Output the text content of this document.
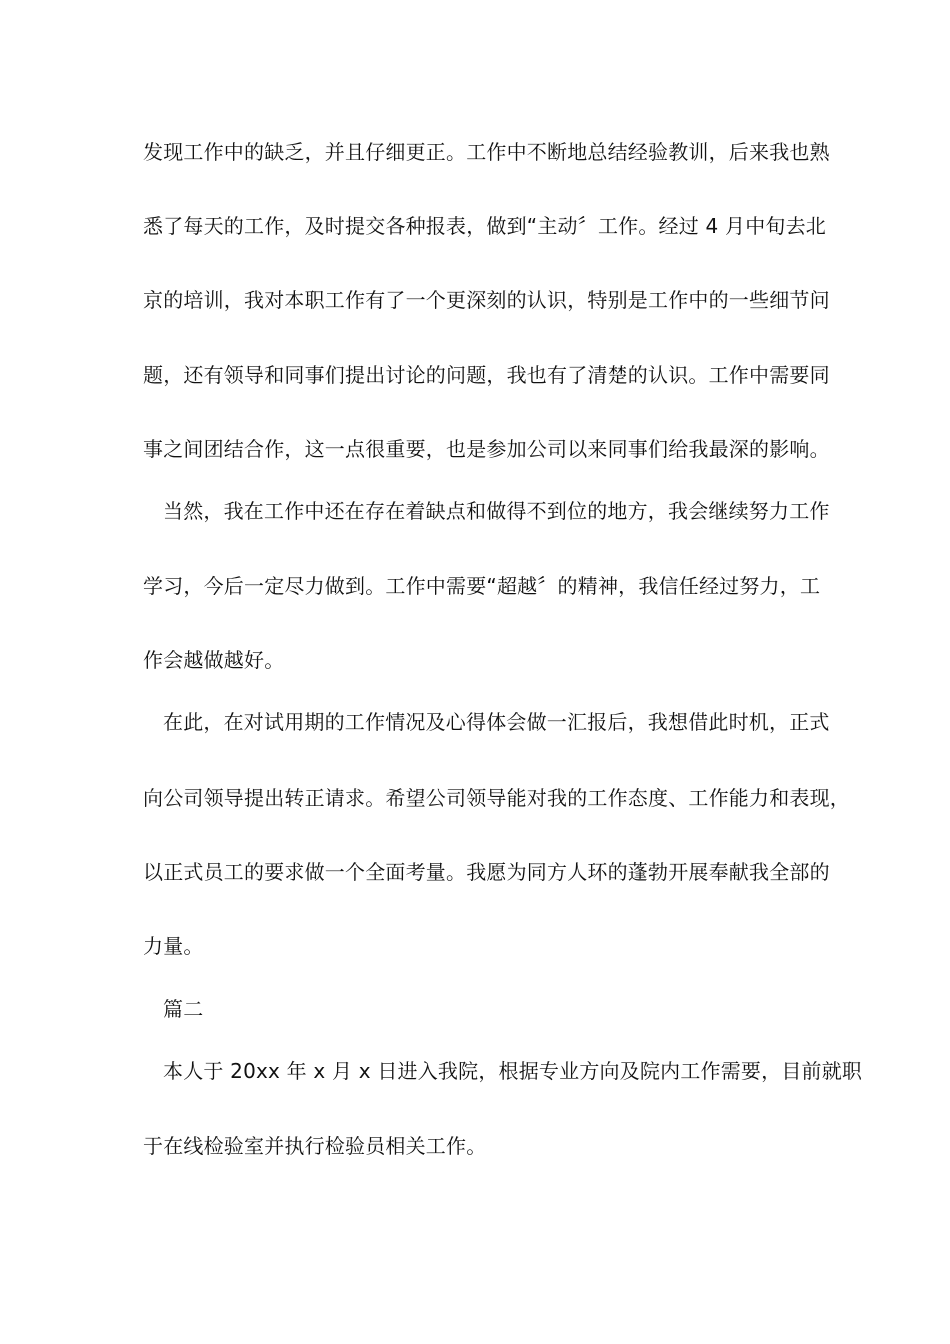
发现工作中的缺乏，并且仔细更正。工作中不断地总结经验教训，后来我也熟
悉了每天的工作，及时提交各种报表，做到“主动〞工作。经过 4 月中旬去北
京的培训，我对本职工作有了一个更深刻的认识，特别是工作中的一些细节问
题，还有领导和同事们提出讨论的问题，我也有了清楚的认识。工作中需要同
事之间团结合作，这一点很重要，也是参加公司以来同事们给我最深的影响。
当然，我在工作中还在存在着缺点和做得不到位的地方，我会继续努力工作
学习，今后一定尽力做到。工作中需要“超越〞的精神，我信任经过努力，工
作会越做越好。
在此，在对试用期的工作情况及心得体会做一汇报后，我想借此时机，正式
向公司领导提出转正请求。希望公司领导能对我的工作态度、工作能力和表现，
以正式员工的要求做一个全面考量。我愿为同方人环的蓬勃开展奉献我全部的
力量。
篇二
本人于 20xx 年 x 月 x 日进入我院，根据专业方向及院内工作需要，目前就职
于在线检验室并执行检验员相关工作。
